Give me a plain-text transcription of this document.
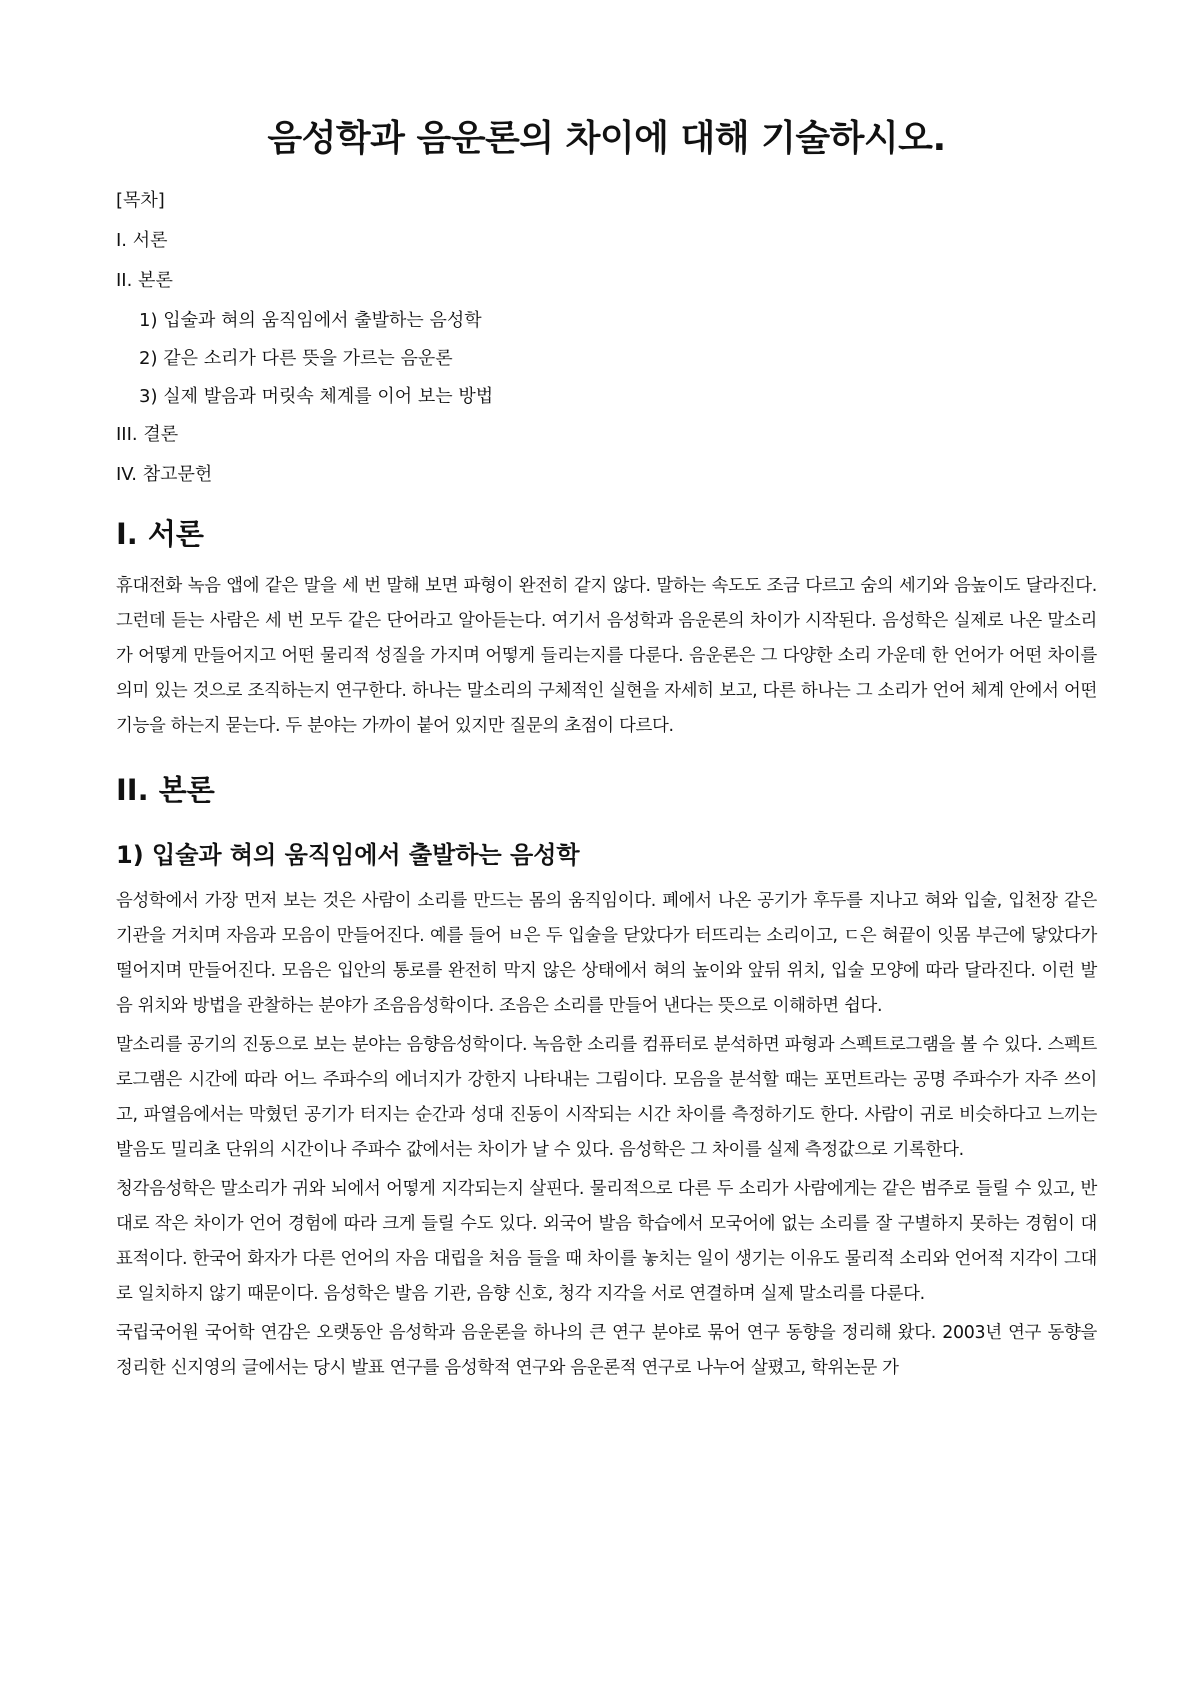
음성학과 음운론의 차이에 대해 기술하시오.
[목차]
I. 서론
II. 본론
1) 입술과 혀의 움직임에서 출발하는 음성학
2) 같은 소리가 다른 뜻을 가르는 음운론
3) 실제 발음과 머릿속 체계를 이어 보는 방법
III. 결론
IV. 참고문헌
I. 서론

휴대전화 녹음 앱에 같은 말을 세 번 말해 보면 파형이 완전히 같지 않다. 말하는 속도도 조금 다르고 숨의 세기와 음높이도 달라진다. 그런데 듣는 사람은 세 번 모두 같은 단어라고 알아듣는다. 여기서 음성학과 음운론의 차이가 시작된다. 음성학은 실제로 나온 말소리가 어떻게 만들어지고 어떤 물리적 성질을 가지며 어떻게 들리는지를 다룬다. 음운론은 그 다양한 소리 가운데 한 언어가 어떤 차이를 의미 있는 것으로 조직하는지 연구한다. 하나는 말소리의 구체적인 실현을 자세히 보고, 다른 하나는 그 소리가 언어 체계 안에서 어떤 기능을 하는지 묻는다. 두 분야는 가까이 붙어 있지만 질문의 초점이 다르다.

II. 본론
1) 입술과 혀의 움직임에서 출발하는 음성학

음성학에서 가장 먼저 보는 것은 사람이 소리를 만드는 몸의 움직임이다. 폐에서 나온 공기가 후두를 지나고 혀와 입술, 입천장 같은 기관을 거치며 자음과 모음이 만들어진다. 예를 들어 ㅂ은 두 입술을 닫았다가 터뜨리는 소리이고, ㄷ은 혀끝이 잇몸 부근에 닿았다가 떨어지며 만들어진다. 모음은 입안의 통로를 완전히 막지 않은 상태에서 혀의 높이와 앞뒤 위치, 입술 모양에 따라 달라진다. 이런 발음 위치와 방법을 관찰하는 분야가 조음음성학이다. 조음은 소리를 만들어 낸다는 뜻으로 이해하면 쉽다.

말소리를 공기의 진동으로 보는 분야는 음향음성학이다. 녹음한 소리를 컴퓨터로 분석하면 파형과 스펙트로그램을 볼 수 있다. 스펙트로그램은 시간에 따라 어느 주파수의 에너지가 강한지 나타내는 그림이다. 모음을 분석할 때는 포먼트라는 공명 주파수가 자주 쓰이고, 파열음에서는 막혔던 공기가 터지는 순간과 성대 진동이 시작되는 시간 차이를 측정하기도 한다. 사람이 귀로 비슷하다고 느끼는 발음도 밀리초 단위의 시간이나 주파수 값에서는 차이가 날 수 있다. 음성학은 그 차이를 실제 측정값으로 기록한다.

청각음성학은 말소리가 귀와 뇌에서 어떻게 지각되는지 살핀다. 물리적으로 다른 두 소리가 사람에게는 같은 범주로 들릴 수 있고, 반대로 작은 차이가 언어 경험에 따라 크게 들릴 수도 있다. 외국어 발음 학습에서 모국어에 없는 소리를 잘 구별하지 못하는 경험이 대표적이다. 한국어 화자가 다른 언어의 자음 대립을 처음 들을 때 차이를 놓치는 일이 생기는 이유도 물리적 소리와 언어적 지각이 그대로 일치하지 않기 때문이다. 음성학은 발음 기관, 음향 신호, 청각 지각을 서로 연결하며 실제 말소리를 다룬다.

국립국어원 국어학 연감은 오랫동안 음성학과 음운론을 하나의 큰 연구 분야로 묶어 연구 동향을 정리해 왔다. 2003년 연구 동향을 정리한 신지영의 글에서는 당시 발표 연구를 음성학적 연구와 음운론적 연구로 나누어 살폈고, 학위논문 가
